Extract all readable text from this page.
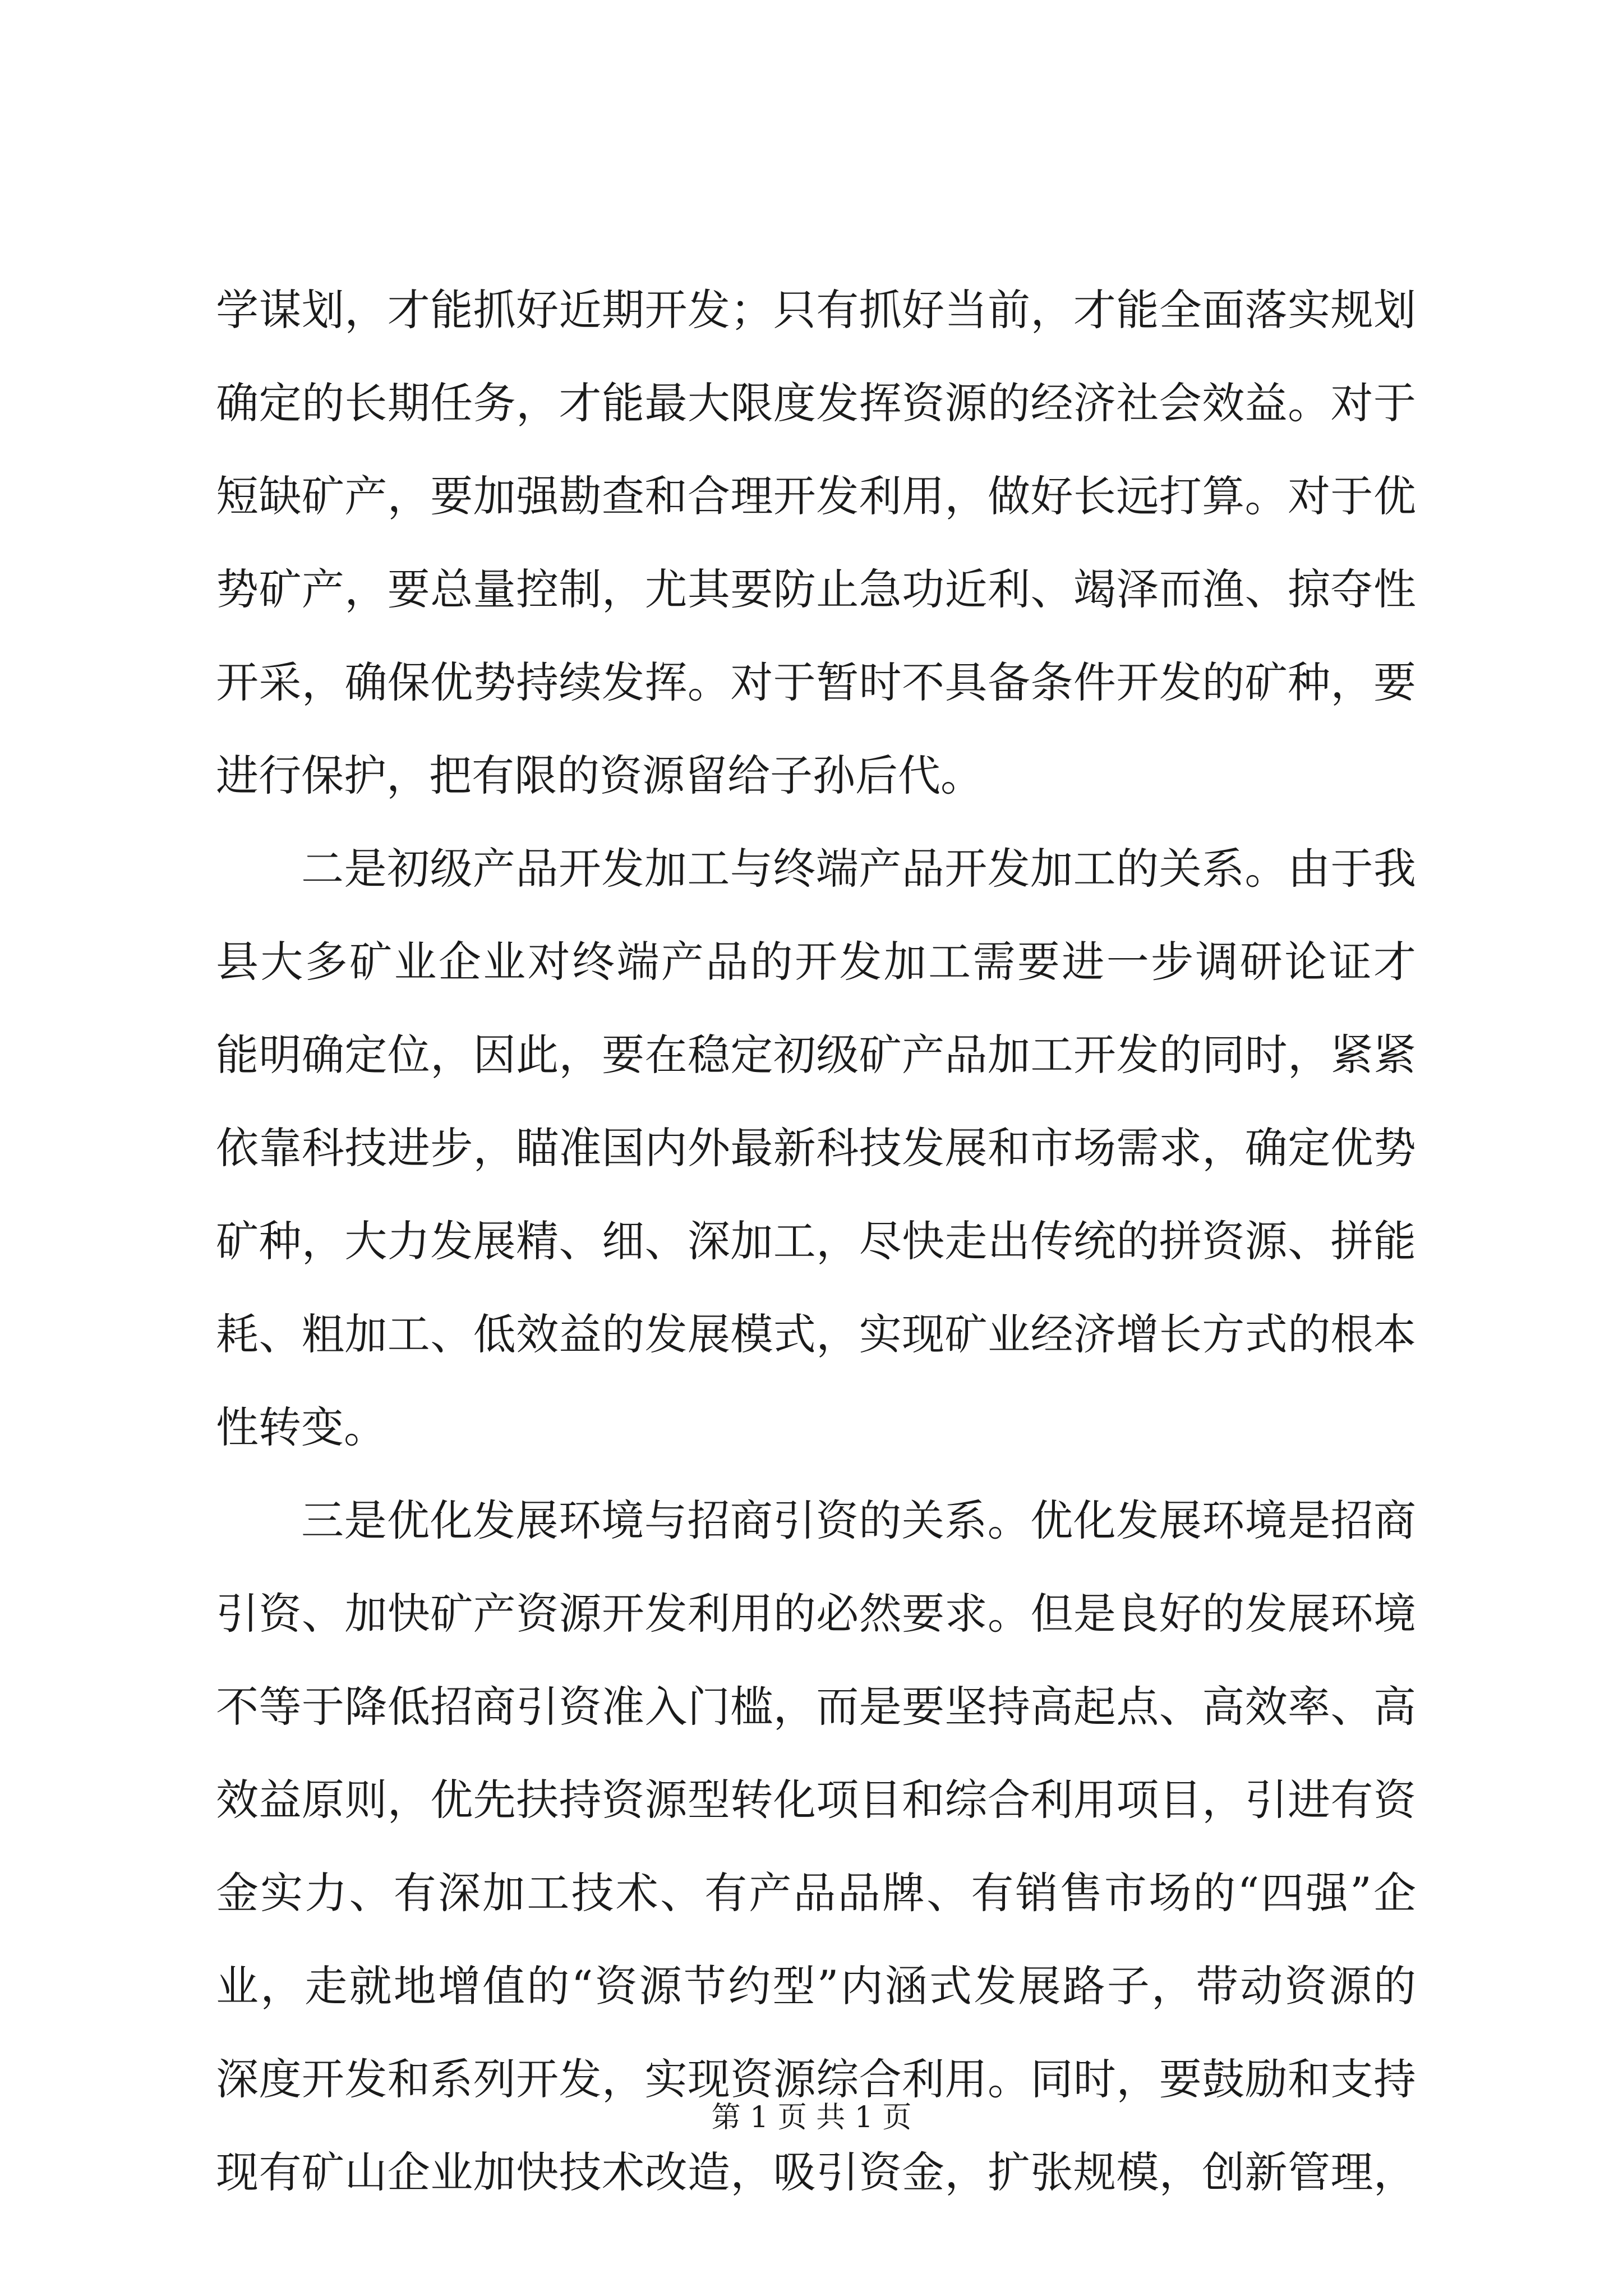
学谋划，才能抓好近期开发；只有抓好当前，才能全面落实规划
确定的长期任务，才能最大限度发挥资源的经济社会效益。对于
短缺矿产，要加强勘查和合理开发利用，做好长远打算。对于优
势矿产，要总量控制，尤其要防止急功近利、竭泽而渔、掠夺性
开采，确保优势持续发挥。对于暂时不具备条件开发的矿种，要
进行保护，把有限的资源留给子孙后代。
二是初级产品开发加工与终端产品开发加工的关系。由于我
县大多矿业企业对终端产品的开发加工需要进一步调研论证才
能明确定位，因此，要在稳定初级矿产品加工开发的同时，紧紧
依靠科技进步，瞄准国内外最新科技发展和市场需求，确定优势
矿种，大力发展精、细、深加工，尽快走出传统的拼资源、拼能
耗、粗加工、低效益的发展模式，实现矿业经济增长方式的根本
性转变。
三是优化发展环境与招商引资的关系。优化发展环境是招商
引资、加快矿产资源开发利用的必然要求。但是良好的发展环境
不等于降低招商引资准入门槛，而是要坚持高起点、高效率、高
效益原则，优先扶持资源型转化项目和综合利用项目，引进有资
金实力、有深加工技术、有产品品牌、有销售市场的“四强”企
业，走就地增值的“资源节约型”内涵式发展路子，带动资源的
深度开发和系列开发，实现资源综合利用。同时，要鼓励和支持
现有矿山企业加快技术改造，吸引资金，扩张规模，创新管理，
第 1 页 共 1 页
